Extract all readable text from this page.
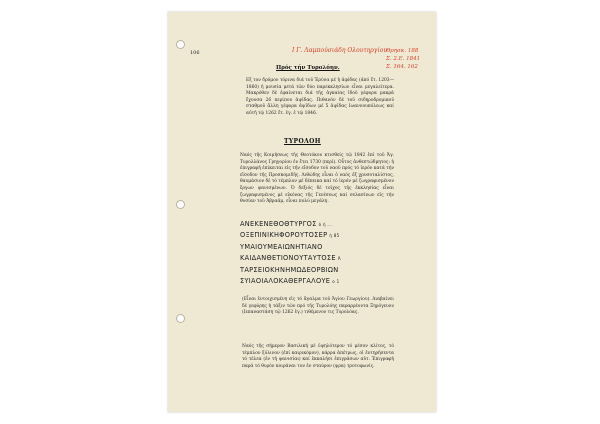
106	Ι Γ. Λαμπούσιάδη Ολουτηργίου Θρησκ. 188
Σ. 2.Ε. 1841
Σ. 164. 162
Πρός τήν Τυρολόην.
Εξ τον δρόμον τόρινα διά τοῦ Ἐρύνα μέ ἡ ἀφίδας (ἀπό ἔτ. 1203—1860) ἡ μουσία μετά τῶν δύο παρεκκλησίων εἶναι μεγαλείτερα. Μακρόθεν δέ ἐφαίνεται διά τῆς ἀγκαίας ἰδοὐ γέφυρα μακρά ἔχουσα 26 περίπου ἀψῖδας. Πιθανόν δέ τοῦ σιδηροδρομικοῦ σταθμοῦ ἄλλη γέφυρα ἀψῖδων μέ 5 ἀψῖδας Ιωαννουπόλεως καί αὐτή τῷ 1262 ἔτ. ἐγ. ἐ τῷ 1846.
ΤΥΡΟΛΟΗ
Ναός τῆς Κοιμήσεως τῆς Θεοτόκου κτισθείς τῷ 1842 ἐπί τοῦ Ἁγ. Τυρολλάνος Γρηγορίου ἐν ἔτει 1730 (περί). Οὗτος ἀνθεστώδμητος: ἡ ἐπιγραφή ἐπίκειται εἰς τήν εἴσοδον τοῦ ναοῦ πρός τό ἱερόν κατά τήν εἴσοδον τῆς Προσκομιδῆς. Λιθώδης εἶναι ὁ ναός ἐξ χρυσοταλίστος, θαυμάσιον δέ τό τέμπλον μέ δέπεικα καί τό ἱερόν μέ ζωγραφισμένον ἔργων ψανισμένων. Ὁ δεξιός δέ τοῖχος τῆς ἐκκλησίας εἶναι ζωγραφισμένος μέ εἰκόνας τῆς Γενέσεως καί σελασίνων εἰς τήν θυσίαν τοῦ Ἀβραάμ, εἶναι πολύ μεγάλη.
ΑΝΕΚΕΝΕΘΟΘΤΥΡΓΟΣ ὁ ἡ ...
ΟΞΕΠΙΝΙΚΗΦΟΡΟΥΤΟΣΕΡ ἡ 85
ΥΜΑΙΟΥΜΕΑΙΩΝΗΤΙΑΝΟ
ΚΑΙΔΑΝΘΕΤΙΟΝΟΥΤΑΥΤΟΣΕ Ἀ
ΤΑΡΣΕΙΟΚΗΝΗΜΩΔΕΟΡΒΙΩΝ
ΣΥΙΑΟΙΑΛΟΚΑΘΕΡΓΑΛΟΥΕ ο 1
(Εἶναι ἐντοιχισμένη εἰς τό ἄγαλμα τοῦ Ἁγίου Γεωργίου). Διαβαίνει δέ γεφύρης ἡ τάξιν τῶν πρό τῆς Τυρολόης παραρρέοντα Ξηρόγευον (Ιεπαναστάση τῷ 1262 ἐγ.) τιθέμενον τις Τυρολόας.
Ναός τῆς σήμερον Βασιλική μέ ὑψηλότερον τό μέσον κλίτος, τό τέμπλον ξύλινον (ἐπί καιρικόμον), κάρρα ἀπέτρως, οἱ ἐντηρήσεντα τό τέλεα (ἐν τή ψανισίαι) καί ἐκκαλῆσι ἐπιγράσων αὐτ. Ἐπιγραφή παρά τό θυρόν κοιράναι τον ἐν σταύρον (ψρα) τροτοφωνίς.
